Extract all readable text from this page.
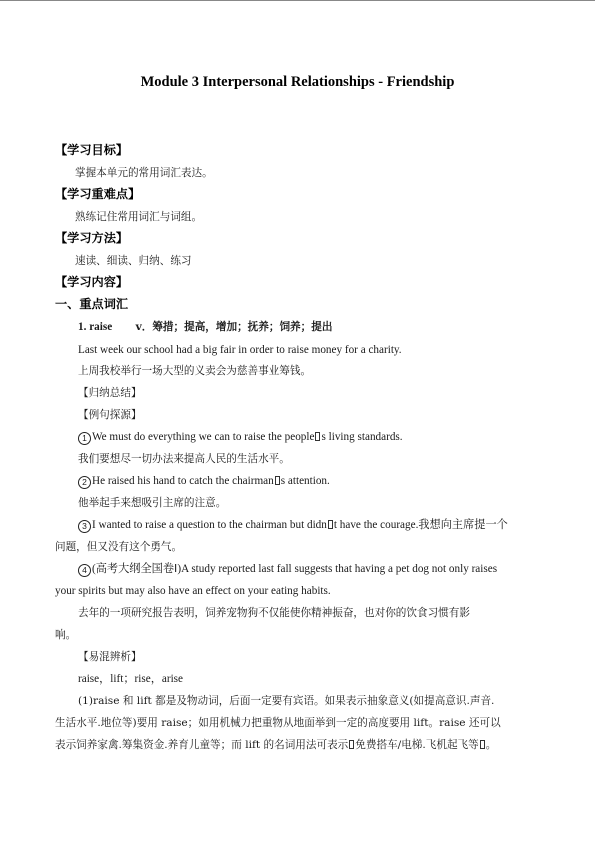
Module 3 Interpersonal Relationships - Friendship
【学习目标】
掌握本单元的常用词汇表达。
【学习重难点】
熟练记住常用词汇与词组。
【学习方法】
速读、细读、归纳、练习
【学习内容】
一、重点词汇
1. raise v．筹措；提高，增加；抚养；饲养；提出
Last week our school had a big fair in order to raise money for a charity.
上周我校举行一场大型的义卖会为慈善事业筹钱。
【归纳总结】
【例句探源】
1 We must do everything we can to raise the people s living standards.
我们要想尽一切办法来提高人民的生活水平。
2 He raised his hand to catch the chairman s attention.
他举起手来想吸引主席的注意。
3 I wanted to raise a question to the chairman but didn t have the courage.我想向主席提一个
问题，但又没有这个勇气。
4 (高考大纲全国卷Ⅰ)A study reported last fall suggests that having a pet dog not only raises
your spirits but may also have an effect on your eating habits.
去年的一项研究报告表明，饲养宠物狗不仅能使你精神振奋，也对你的饮食习惯有影
响。
【易混辨析】
raise，lift；rise，arise
(1)raise 和 lift 都是及物动词，后面一定要有宾语。如果表示抽象意义(如提高意识.声音.
生活水平.地位等)要用 raise；如用机械力把重物从地面举到一定的高度要用 lift。raise 还可以
表示饲养家禽.筹集资金.养育儿童等；而 lift 的名词用法可表示 免费搭车/电梯.飞机起飞等 。
